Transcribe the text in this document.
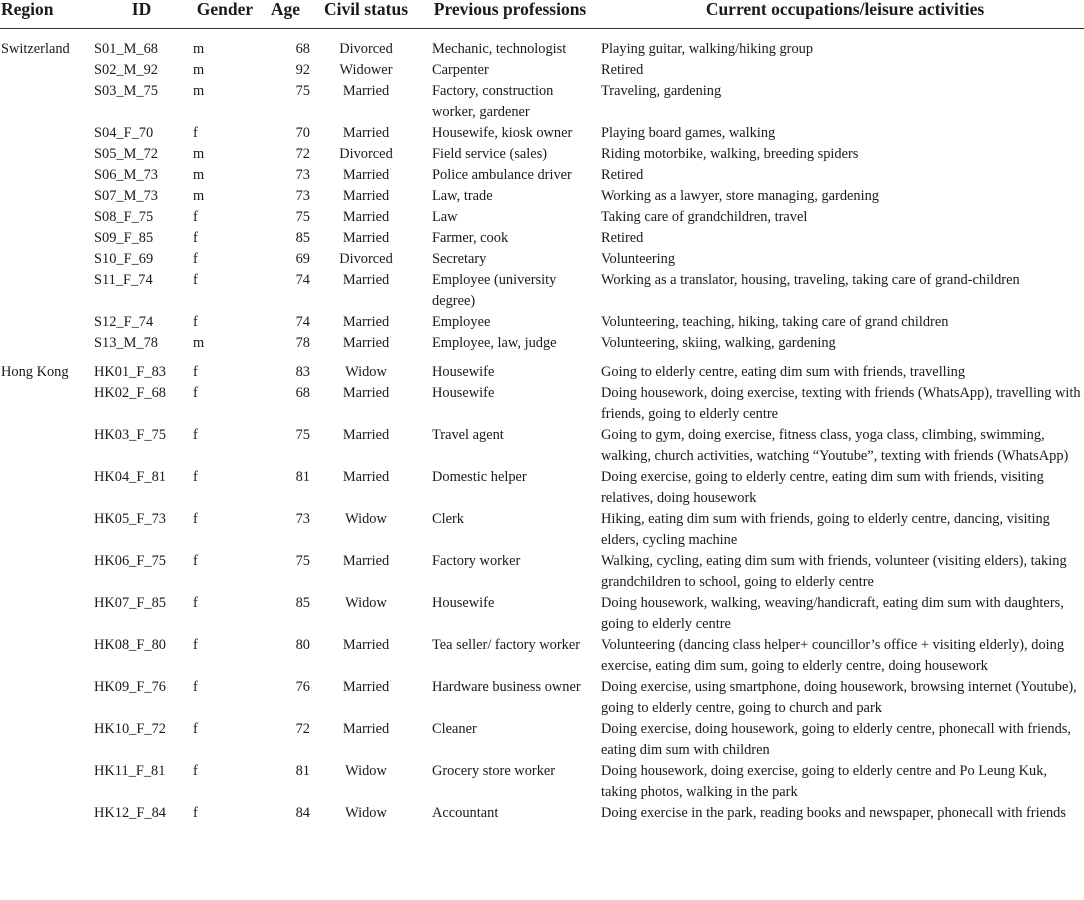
Region	ID	Gender	Age	Civil status	Previous professions	Current occupations/leisure activities
Switzerland	S01_M_68	m	68	Divorced	Mechanic, technologist	Playing guitar, walking/hiking group
	S02_M_92	m	92	Widower	Carpenter	Retired
	S03_M_75	m	75	Married	Factory, construction worker, gardener	Traveling, gardening
	S04_F_70	f	70	Married	Housewife, kiosk owner	Playing board games, walking
	S05_M_72	m	72	Divorced	Field service (sales)	Riding motorbike, walking, breeding spiders
	S06_M_73	m	73	Married	Police ambulance driver	Retired
	S07_M_73	m	73	Married	Law, trade	Working as a lawyer, store managing, gardening
	S08_F_75	f	75	Married	Law	Taking care of grandchildren, travel
	S09_F_85	f	85	Married	Farmer, cook	Retired
	S10_F_69	f	69	Divorced	Secretary	Volunteering
	S11_F_74	f	74	Married	Employee (university degree)	Working as a translator, housing, traveling, taking care of grand-children
	S12_F_74	f	74	Married	Employee	Volunteering, teaching, hiking, taking care of grand children
	S13_M_78	m	78	Married	Employee, law, judge	Volunteering, skiing, walking, gardening
Hong Kong	HK01_F_83	f	83	Widow	Housewife	Going to elderly centre, eating dim sum with friends, travelling
	HK02_F_68	f	68	Married	Housewife	Doing housework, doing exercise, texting with friends (WhatsApp), travelling with friends, going to elderly centre
	HK03_F_75	f	75	Married	Travel agent	Going to gym, doing exercise, fitness class, yoga class, climbing, swimming, walking, church activities, watching “Youtube”, texting with friends (WhatsApp)
	HK04_F_81	f	81	Married	Domestic helper	Doing exercise, going to elderly centre, eating dim sum with friends, visiting relatives, doing housework
	HK05_F_73	f	73	Widow	Clerk	Hiking, eating dim sum with friends, going to elderly centre, dancing, visiting elders, cycling machine
	HK06_F_75	f	75	Married	Factory worker	Walking, cycling, eating dim sum with friends, volunteer (visiting elders), taking grandchildren to school, going to elderly centre
	HK07_F_85	f	85	Widow	Housewife	Doing housework, walking, weaving/handicraft, eating dim sum with daughters, going to elderly centre
	HK08_F_80	f	80	Married	Tea seller/ factory worker	Volunteering (dancing class helper+ councillor’s office + visiting elderly), doing exercise, eating dim sum, going to elderly centre, doing housework
	HK09_F_76	f	76	Married	Hardware business owner	Doing exercise, using smartphone, doing housework, browsing internet (Youtube), going to elderly centre, going to church and park
	HK10_F_72	f	72	Married	Cleaner	Doing exercise, doing housework, going to elderly centre, phonecall with friends, eating dim sum with children
	HK11_F_81	f	81	Widow	Grocery store worker	Doing housework, doing exercise, going to elderly centre and Po Leung Kuk, taking photos, walking in the park
	HK12_F_84	f	84	Widow	Accountant	Doing exercise in the park, reading books and newspaper, phonecall with friends
